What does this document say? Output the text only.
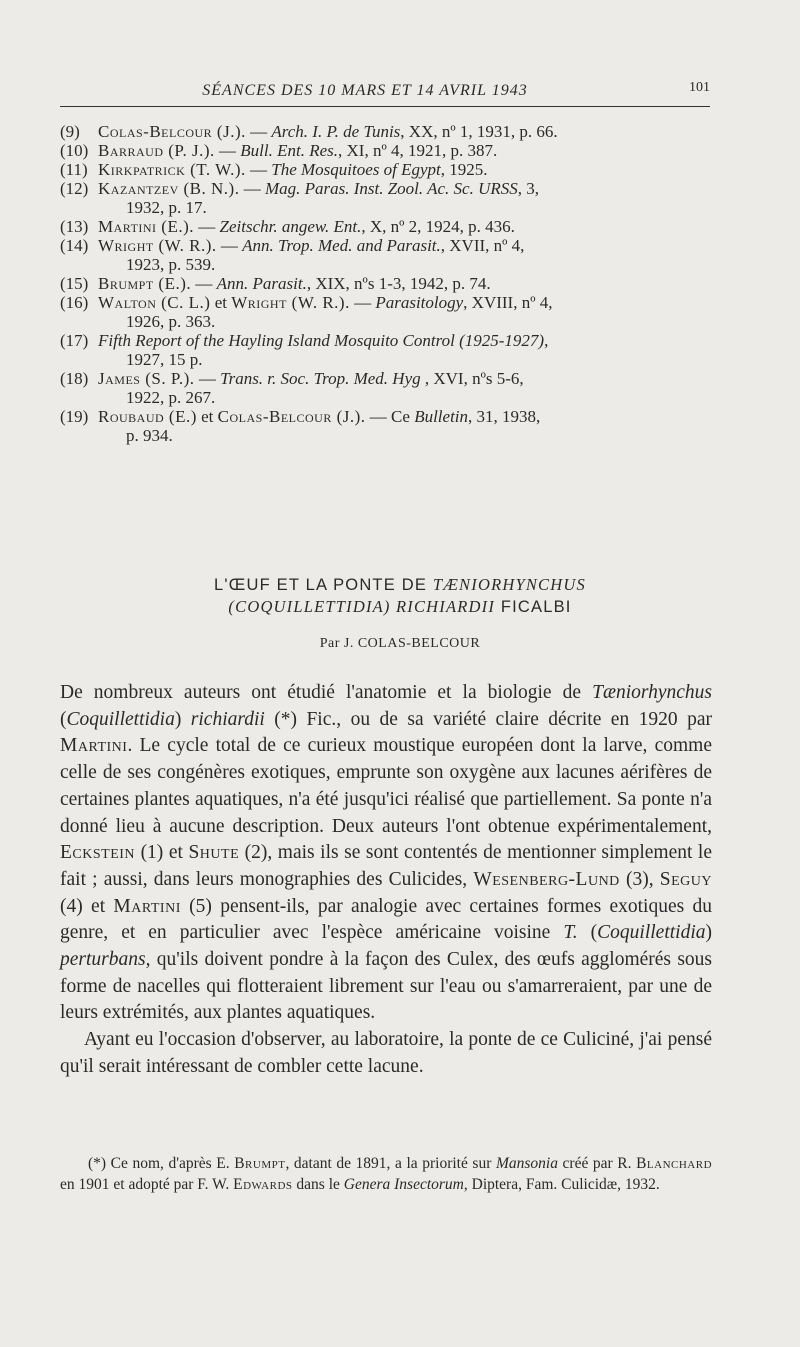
SÉANCES DES 10 MARS ET 14 AVRIL 1943	101

(9) Colas-Belcour (J.). — Arch. I. P. de Tunis, XX, nº 1, 1931, p. 66.

(10) Barraud (P. J.). — Bull. Ent. Res., XI, nº 4, 1921, p. 387.

(11) Kirkpatrick (T. W.). — The Mosquitoes of Egypt, 1925.

(12) Kazantzev (B. N.). — Mag. Paras. Inst. Zool. Ac. Sc. URSS, 3,
1932, p. 17.

(13) Martini (E.). — Zeitschr. angew. Ent., X, nº 2, 1924, p. 436.

(14) Wright (W. R.). — Ann. Trop. Med. and Parasit., XVII, nº 4,
1923, p. 539.

(15) Brumpt (E.). — Ann. Parasit., XIX, nºs 1-3, 1942, p. 74.

(16) Walton (C. L.) et Wright (W. R.). — Parasitology, XVIII, nº 4,
1926, p. 363.

(17) Fifth Report of the Hayling Island Mosquito Control (1925-1927),
1927, 15 p.

(18) James (S. P.). — Trans. r. Soc. Trop. Med. Hyg , XVI, nºs 5-6,
1922, p. 267.

(19) Roubaud (E.) et Colas-Belcour (J.). — Ce Bulletin, 31, 1938,
p. 934.

L'ŒUF ET LA PONTE DE TÆNIORHYNCHUS
(COQUILLETTIDIA) RICHIARDII FICALBI
Par J. COLAS-BELCOUR

De nombreux auteurs ont étudié l'anatomie et la biologie de Tæniorhynchus (Coquillettidia) richiardii (*) Fic., ou de sa variété claire décrite en 1920 par Martini. Le cycle total de ce curieux moustique européen dont la larve, comme celle de ses congénères exotiques, emprunte son oxygène aux lacunes aérifères de certaines plantes aquatiques, n'a été jusqu'ici réalisé que partiellement. Sa ponte n'a donné lieu à aucune description. Deux auteurs l'ont obtenue expérimentalement, Eckstein (1) et Shute (2), mais ils se sont contentés de mentionner simplement le fait ; aussi, dans leurs monographies des Culicides, Wesenberg-Lund (3), Seguy (4) et Martini (5) pensent-ils, par analogie avec certaines formes exotiques du genre, et en particulier avec l'espèce américaine voisine T. (Coquillettidia) perturbans, qu'ils doivent pondre à la façon des Culex, des œufs agglomérés sous forme de nacelles qui flotteraient librement sur l'eau ou s'amarreraient, par une de leurs extrémités, aux plantes aquatiques.

Ayant eu l'occasion d'observer, au laboratoire, la ponte de ce Culiciné, j'ai pensé qu'il serait intéressant de combler cette lacune.

(*) Ce nom, d'après E. Brumpt, datant de 1891, a la priorité sur Mansonia créé par R. Blanchard en 1901 et adopté par F. W. Edwards dans le Genera Insectorum, Diptera, Fam. Culicidæ, 1932.
